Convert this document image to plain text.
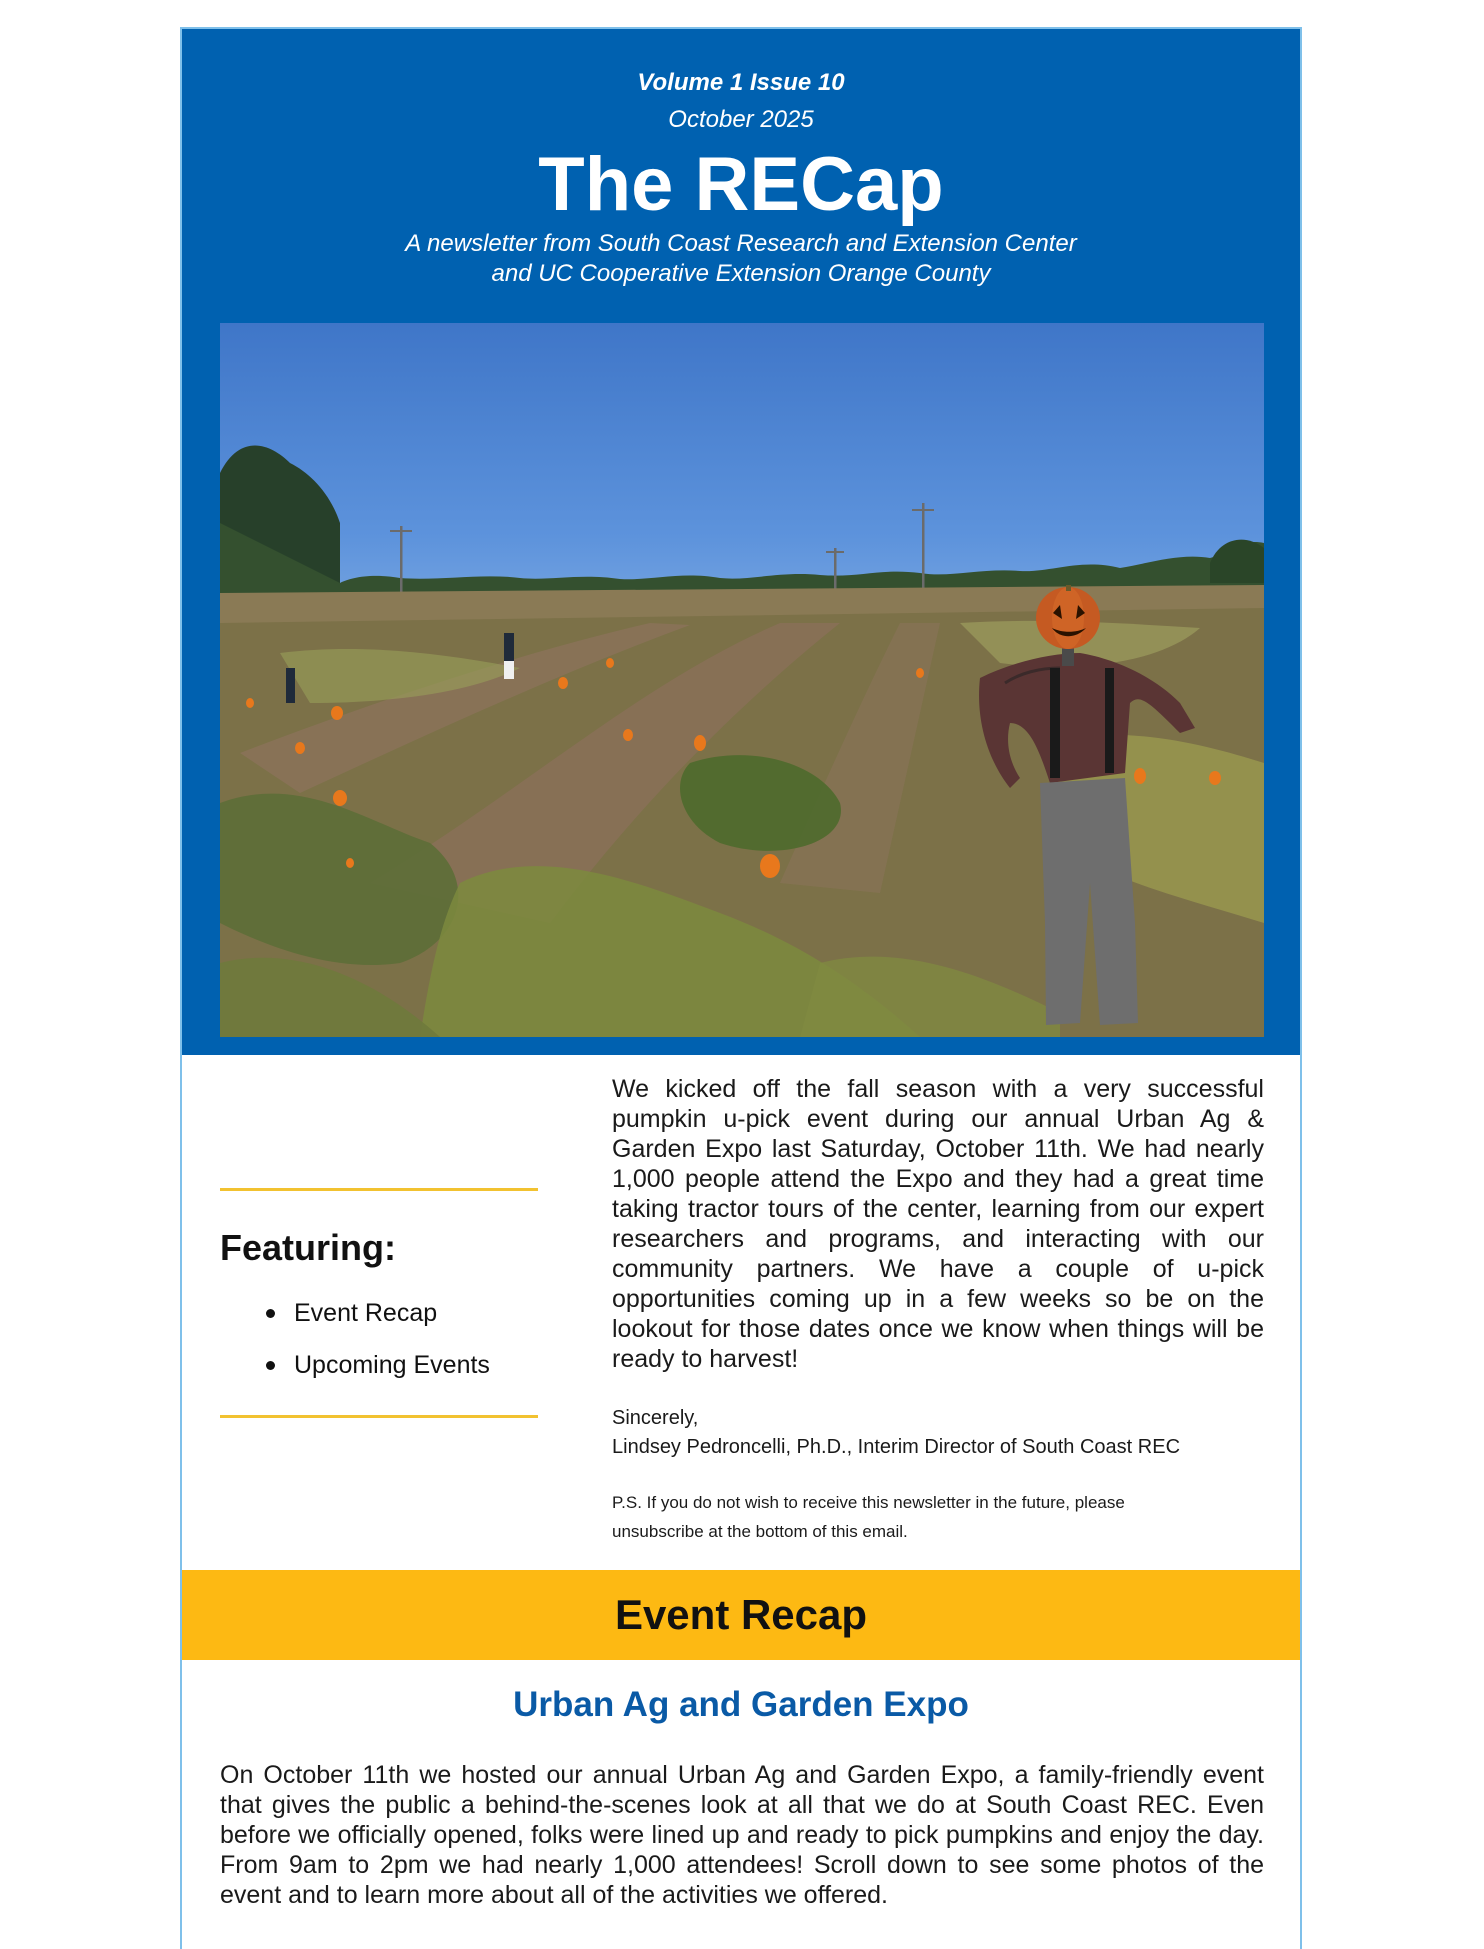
Volume 1 Issue 10
October 2025
The RECap
A newsletter from South Coast Research and Extension Center
and UC Cooperative Extension Orange County
Featuring:
Event Recap
Upcoming Events

We kicked off the fall season with a very successful pumpkin u-pick event during our annual Urban Ag & Garden Expo last Saturday, October 11th. We had nearly 1,000 people attend the Expo and they had a great time taking tractor tours of the center, learning from our expert researchers and programs, and interacting with our community partners. We have a couple of u-pick opportunities coming up in a few weeks so be on the lookout for those dates once we know when things will be ready to harvest!

Sincerely,
Lindsey Pedroncelli, Ph.D., Interim Director of South Coast REC
P.S. If you do not wish to receive this newsletter in the future, please
unsubscribe at the bottom of this email.
Event Recap
Urban Ag and Garden Expo

On October 11th we hosted our annual Urban Ag and Garden Expo, a family-friendly event that gives the public a behind-the-scenes look at all that we do at South Coast REC. Even before we officially opened, folks were lined up and ready to pick pumpkins and enjoy the day. From 9am to 2pm we had nearly 1,000 attendees! Scroll down to see some photos of the event and to learn more about all of the activities we offered.
